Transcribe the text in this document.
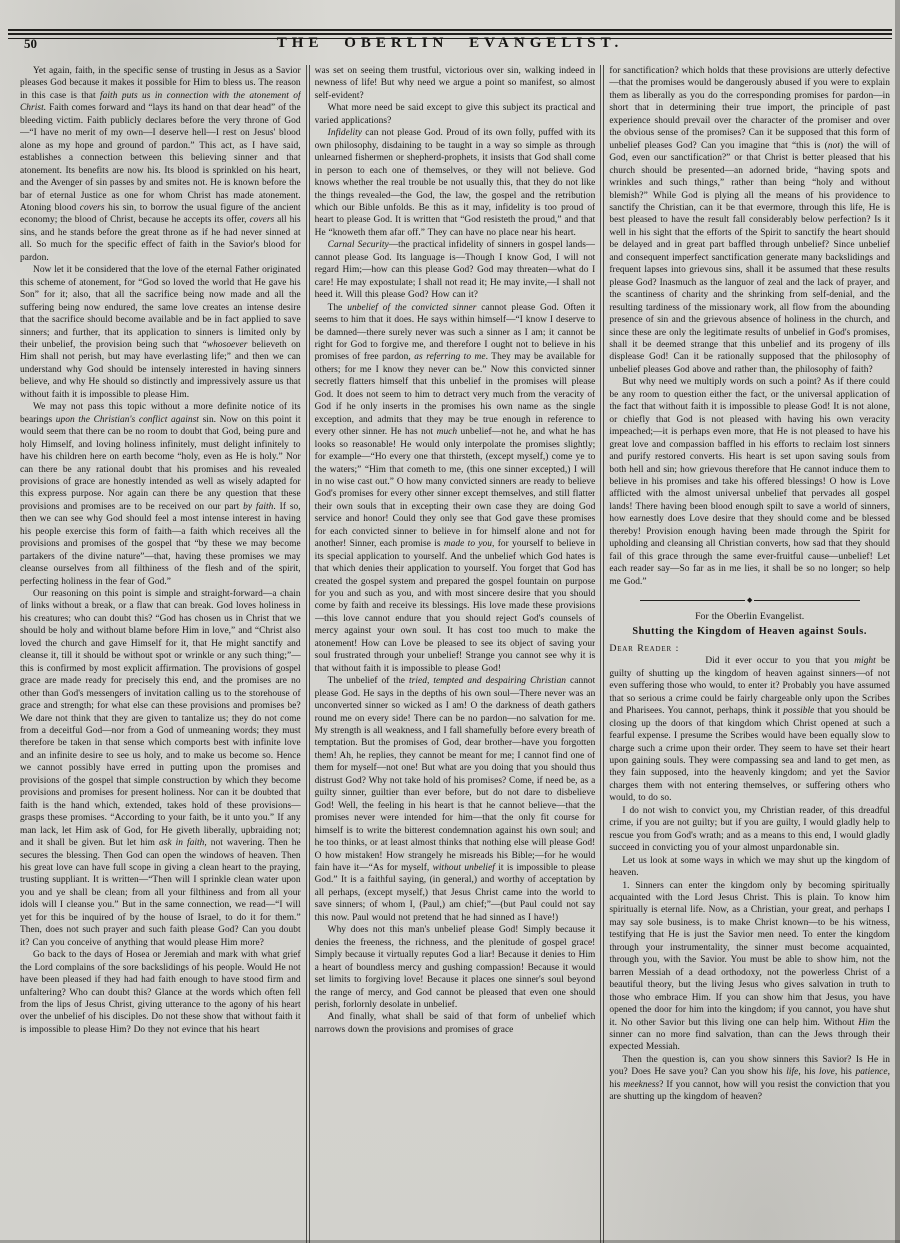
50	THE OBERLIN EVANGELIST.

Yet again, faith, in the specific sense of trusting in Jesus as a Savior pleases God because it makes it possible for Him to bless us. The reason in this case is that faith puts us in connection with the atonement of Christ. Faith comes forward and “lays its hand on that dear head” of the bleeding victim. Faith publicly declares before the very throne of God—“I have no merit of my own—I deserve hell—I rest on Jesus' blood alone as my hope and ground of pardon.” This act, as I have said, establishes a connection between this believing sinner and that atonement. Its benefits are now his. Its blood is sprinkled on his heart, and the Avenger of sin passes by and smites not. He is known before the bar of eternal Justice as one for whom Christ has made atonement. Atoning blood covers his sin, to borrow the usual figure of the ancient economy; the blood of Christ, because he accepts its offer, covers all his sins, and he stands before the great throne as if he had never sinned at all. So much for the specific effect of faith in the Savior's blood for pardon.

Now let it be considered that the love of the eternal Father originated this scheme of atonement, for “God so loved the world that He gave his Son” for it; also, that all the sacrifice being now made and all the suffering being now endured, the same love creates an intense desire that the sacrifice should become available and be in fact applied to save sinners; and further, that its application to sinners is limited only by their unbelief, the provision being such that “whosoever believeth on Him shall not perish, but may have everlasting life;” and then we can understand why God should be intensely interested in having sinners believe, and why He should so distinctly and impressively assure us that without faith it is impossible to please Him.

We may not pass this topic without a more definite notice of its bearings upon the Christian's conflict against sin. Now on this point it would seem that there can be no room to doubt that God, being pure and holy Himself, and loving holiness infinitely, must delight infinitely to have his children here on earth become “holy, even as He is holy.” Nor can there be any rational doubt that his promises and his revealed provisions of grace are honestly intended as well as wisely adapted for this express purpose. Nor again can there be any question that these provisions and promises are to be received on our part by faith. If so, then we can see why God should feel a most intense interest in having his people exercise this form of faith—a faith which receives all the provisions and promises of the gospel that “by these we may become partakers of the divine nature”—that, having these promises we may cleanse ourselves from all filthiness of the flesh and of the spirit, perfecting holiness in the fear of God.”

Our reasoning on this point is simple and straight-forward—a chain of links without a break, or a flaw that can break. God loves holiness in his creatures; who can doubt this? “God has chosen us in Christ that we should be holy and without blame before Him in love,” and “Christ also loved the church and gave Himself for it, that He might sanctify and cleanse it, till it should be without spot or wrinkle or any such thing;”—this is confirmed by most explicit affirmation. The provisions of gospel grace are made ready for precisely this end, and the promises are no other than God's messengers of invitation calling us to the storehouse of grace and strength; for what else can these provisions and promises be? We dare not think that they are given to tantalize us; they do not come from a deceitful God—nor from a God of unmeaning words; they must therefore be taken in that sense which comports best with infinite love and an infinite desire to see us holy, and to make us become so. Hence we cannot possibly have erred in putting upon the promises and provisions of the gospel that simple construction by which they become provisions and promises for present holiness. Nor can it be doubted that faith is the hand which, extended, takes hold of these provisions—grasps these promises. “According to your faith, be it unto you.” If any man lack, let Him ask of God, for He giveth liberally, upbraiding not; and it shall be given. But let him ask in faith, not wavering. Then he secures the blessing. Then God can open the windows of heaven. Then his great love can have full scope in giving a clean heart to the praying, trusting suppliant. It is written—“Then will I sprinkle clean water upon you and ye shall be clean; from all your filthiness and from all your idols will I cleanse you.” But in the same connection, we read—“I will yet for this be inquired of by the house of Israel, to do it for them.” Then, does not such prayer and such faith please God? Can you doubt it? Can you conceive of anything that would please Him more?

Go back to the days of Hosea or Jeremiah and mark with what grief the Lord complains of the sore backslidings of his people. Would He not have been pleased if they had had faith enough to have stood firm and unfaltering? Who can doubt this? Glance at the words which often fell from the lips of Jesus Christ, giving utterance to the agony of his heart over the unbelief of his disciples. Do not these show that without faith it is impossible to please Him? Do they not evince that his heart

was set on seeing them trustful, victorious over sin, walking indeed in newness of life! But why need we argue a point so manifest, so almost self-evident?

What more need be said except to give this subject its practical and varied applications?

Infidelity can not please God. Proud of its own folly, puffed with its own philosophy, disdaining to be taught in a way so simple as through unlearned fishermen or shepherd-prophets, it insists that God shall come in person to each one of themselves, or they will not believe. God knows whether the real trouble be not usually this, that they do not like the things revealed—the God, the law, the gospel and the retribution which our Bible unfolds. Be this as it may, infidelity is too proud of heart to please God. It is written that “God resisteth the proud,” and that He “knoweth them afar off.” They can have no place near his heart.

Carnal Security—the practical infidelity of sinners in gospel lands—cannot please God. Its language is—Though I know God, I will not regard Him;—how can this please God? God may threaten—what do I care! He may expostulate; I shall not read it; He may invite,—I shall not heed it. Will this please God? How can it?

The unbelief of the convicted sinner cannot please God. Often it seems to him that it does. He says within himself—“I know I deserve to be damned—there surely never was such a sinner as I am; it cannot be right for God to forgive me, and therefore I ought not to believe in his promises of free pardon, as referring to me. They may be available for others; for me I know they never can be.” Now this convicted sinner secretly flatters himself that this unbelief in the promises will please God. It does not seem to him to detract very much from the veracity of God if he only inserts in the promises his own name as the single exception, and admits that they may be true enough in reference to every other sinner. He has not much unbelief—not he, and what he has looks so reasonable! He would only interpolate the promises slightly; for example—“Ho every one that thirsteth, (except myself,) come ye to the waters;” “Him that cometh to me, (this one sinner excepted,) I will in no wise cast out.” O how many convicted sinners are ready to believe God's promises for every other sinner except themselves, and still flatter their own souls that in excepting their own case they are doing God service and honor! Could they only see that God gave these promises for each convicted sinner to believe in for himself alone and not for another! Sinner, each promise is made to you, for yourself to believe in its special application to yourself. And the unbelief which God hates is that which denies their application to yourself. You forget that God has created the gospel system and prepared the gospel fountain on purpose for you and such as you, and with most sincere desire that you should come by faith and receive its blessings. His love made these provisions—this love cannot endure that you should reject God's counsels of mercy against your own soul. It has cost too much to make the atonement! How can Love be pleased to see its object of saving your soul frustrated through your unbelief! Strange you cannot see why it is that without faith it is impossible to please God!

The unbelief of the tried, tempted and despairing Christian cannot please God. He says in the depths of his own soul—There never was an unconverted sinner so wicked as I am! O the darkness of death gathers round me on every side! There can be no pardon—no salvation for me. My strength is all weakness, and I fall shamefully before every breath of temptation. But the promises of God, dear brother—have you forgotten them! Ah, he replies, they cannot be meant for me; I cannot find one of them for myself—not one! But what are you doing that you should thus distrust God? Why not take hold of his promises? Come, if need be, as a guilty sinner, guiltier than ever before, but do not dare to disbelieve God! Well, the feeling in his heart is that he cannot believe—that the promises never were intended for him—that the only fit course for himself is to write the bitterest condemnation against his own soul; and he too thinks, or at least almost thinks that nothing else will please God! O how mistaken! How strangely he misreads his Bible;—for he would fain have it—“As for myself, without unbelief it is impossible to please God.” It is a faithful saying, (in general,) and worthy of acceptation by all perhaps, (except myself,) that Jesus Christ came into the world to save sinners; of whom I, (Paul,) am chief;”—(but Paul could not say this now. Paul would not pretend that he had sinned as I have!)

Why does not this man's unbelief please God! Simply because it denies the freeness, the richness, and the plenitude of gospel grace! Simply because it virtually reputes God a liar! Because it denies to Him a heart of boundless mercy and gushing compassion! Because it would set limits to forgiving love! Because it places one sinner's soul beyond the range of mercy, and God cannot be pleased that even one should perish, forlornly desolate in unbelief.

And finally, what shall be said of that form of unbelief which narrows down the provisions and promises of grace

for sanctification? which holds that these provisions are utterly defective—that the promises would be dangerously abused if you were to explain them as liberally as you do the corresponding promises for pardon—in short that in determining their true import, the principle of past experience should prevail over the character of the promiser and over the obvious sense of the promises? Can it be supposed that this form of unbelief pleases God? Can you imagine that “this is (not) the will of God, even our sanctification?” or that Christ is better pleased that his church should be presented—an adorned bride, “having spots and wrinkles and such things,” rather than being “holy and without blemish?” While God is plying all the means of his providence to sanctify the Christian, can it be that evermore, through this life, He is best pleased to have the result fall considerably below perfection? Is it well in his sight that the efforts of the Spirit to sanctify the heart should be delayed and in great part baffled through unbelief? Since unbelief and consequent imperfect sanctification generate many backslidings and frequent lapses into grievous sins, shall it be assumed that these results please God? Inasmuch as the languor of zeal and the lack of prayer, and the scantiness of charity and the shrinking from self-denial, and the resulting tardiness of the missionary work, all flow from the abounding presence of sin and the grievous absence of holiness in the church, and since these are only the legitimate results of unbelief in God's promises, shall it be deemed strange that this unbelief and its progeny of ills displease God! Can it be rationally supposed that the philosophy of unbelief pleases God above and rather than, the philosophy of faith?

But why need we multiply words on such a point? As if there could be any room to question either the fact, or the universal application of the fact that without faith it is impossible to please God! It is not alone, or chiefly that God is not pleased with having his own veracity impeached;—it is perhaps even more, that He is not pleased to have his great love and compassion baffled in his efforts to reclaim lost sinners and purify restored converts. His heart is set upon saving souls from both hell and sin; how grievous therefore that He cannot induce them to believe in his promises and take his offered blessings! O how is Love afflicted with the almost universal unbelief that pervades all gospel lands! There having been blood enough spilt to save a world of sinners, how earnestly does Love desire that they should come and be blessed thereby! Provision enough having been made through the Spirit for upholding and cleansing all Christian converts, how sad that they should fail of this grace through the same ever-fruitful cause—unbelief! Let each reader say—So far as in me lies, it shall be so no longer; so help me God.”

◆

For the Oberlin Evangelist.

Shutting the Kingdom of Heaven against Souls.

Dear Reader :

Did it ever occur to you that you might be guilty of shutting up the kingdom of heaven against sinners—of not even suffering those who would, to enter it? Probably you have assumed that so serious a crime could be fairly chargeable only upon the Scribes and Pharisees. You cannot, perhaps, think it possible that you should be closing up the doors of that kingdom which Christ opened at such a fearful expense. I presume the Scribes would have been equally slow to charge such a crime upon their order. They seem to have set their heart upon gaining souls. They were compassing sea and land to get men, as they fain supposed, into the heavenly kingdom; and yet the Savior charges them with not entering themselves, or suffering others who would, to do so.

I do not wish to convict you, my Christian reader, of this dreadful crime, if you are not guilty; but if you are guilty, I would gladly help to rescue you from God's wrath; and as a means to this end, I would gladly succeed in convicting you of your almost unpardonable sin.

Let us look at some ways in which we may shut up the kingdom of heaven.

1. Sinners can enter the kingdom only by becoming spiritually acquainted with the Lord Jesus Christ. This is plain. To know him spiritually is eternal life. Now, as a Christian, your great, and perhaps I may say sole business, is to make Christ known—to be his witness, testifying that He is just the Savior men need. To enter the kingdom through your instrumentality, the sinner must become acquainted, through you, with the Savior. You must be able to show him, not the barren Messiah of a dead orthodoxy, not the powerless Christ of a beautiful theory, but the living Jesus who gives salvation in truth to those who embrace Him. If you can show him that Jesus, you have opened the door for him into the kingdom; if you cannot, you have shut it. No other Savior but this living one can help him. Without Him the sinner can no more find salvation, than can the Jews through their expected Messiah.

Then the question is, can you show sinners this Savior? Is He in you? Does He save you? Can you show his life, his love, his patience, his meekness? If you cannot, how will you resist the conviction that you are shutting up the kingdom of heaven?
